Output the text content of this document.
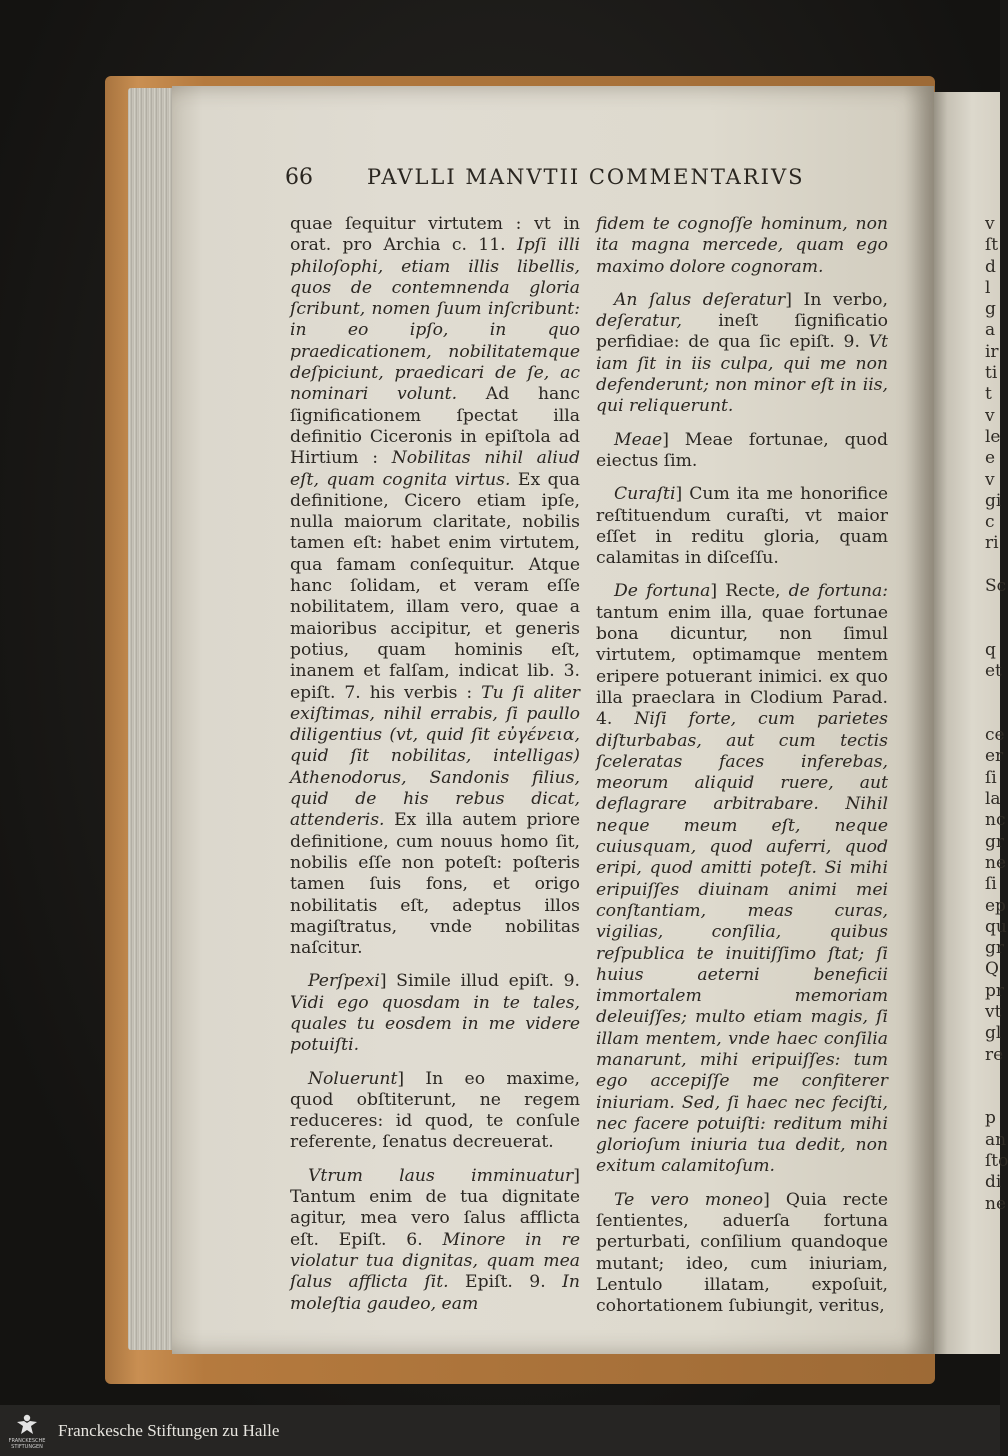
66	PAVLLI MANVTII COMMENTARIVS

quae ſequitur virtutem : vt in orat. pro Archia c. 11. Ipſi illi philoſophi, etiam illis libellis, quos de contemnenda gloria ſcribunt, nomen ſuum inſcribunt: in eo ipſo, in quo praedicationem, nobilitatemque deſpiciunt, praedicari de ſe, ac nominari volunt. Ad hanc ſignificationem ſpectat illa definitio Ciceronis in epiſtola ad Hirtium : Nobilitas nihil aliud eſt, quam cognita virtus. Ex qua definitione, Cicero etiam ipſe, nulla maiorum claritate, nobilis tamen eſt: habet enim virtutem, qua famam conſequitur. Atque hanc ſolidam, et veram eſſe nobilitatem, illam vero, quae a maioribus accipitur, et generis potius, quam hominis eſt, inanem et falſam, indicat lib. 3. epiſt. 7. his verbis : Tu ſi aliter exiſtimas, nihil errabis, ſi paullo diligentius (vt, quid ſit εὐγένεια, quid ſit nobilitas, intelligas) Athenodorus, Sandonis filius, quid de his rebus dicat, attenderis. Ex illa autem priore definitione, cum nouus homo ſit, nobilis eſſe non poteſt: poſteris tamen ſuis fons, et origo nobilitatis eſt, adeptus illos magiſtratus, vnde nobilitas naſcitur.

Perſpexi] Simile illud epiſt. 9. Vidi ego quosdam in te tales, quales tu eosdem in me videre potuiſti.

Noluerunt] In eo maxime, quod obſtiterunt, ne regem reduceres: id quod, te conſule referente, ſenatus decreuerat.

Vtrum laus imminuatur] Tantum enim de tua dignitate agitur, mea vero ſalus afflicta eſt. Epiſt. 6. Minore in re violatur tua dignitas, quam mea ſalus afflicta ſit. Epiſt. 9. In moleſtia gaudeo, eam

fidem te cognoſſe hominum, non ita magna mercede, quam ego maximo dolore cognoram.

An ſalus deſeratur] In verbo, deſeratur, ineſt ſignificatio perfidiae: de qua ſic epiſt. 9. Vt iam ſit in iis culpa, qui me non defenderunt; non minor eſt in iis, qui reliquerunt.

Meae] Meae fortunae, quod eiectus ſim.

Curaſti] Cum ita me honorifice reſtituendum curaſti, vt maior eſſet in reditu gloria, quam calamitas in diſceſſu.

De fortuna] Recte, de fortuna: tantum enim illa, quae fortunae bona dicuntur, non ſimul virtutem, optimamque mentem eripere potuerant inimici. ex quo illa praeclara in Clodium Parad. 4. Niſi forte, cum parietes diſturbabas, aut cum tectis ſceleratas faces inferebas, meorum aliquid ruere, aut deflagrare arbitrabare. Nihil neque meum eſt, neque cuiusquam, quod auferri, quod eripi, quod amitti poteſt. Si mihi eripuiſſes diuinam animi mei conſtantiam, meas curas, vigilias, conſilia, quibus reſpublica te inuitiſſimo ſtat; ſi huius aeterni beneficii immortalem memoriam deleuiſſes; multo etiam magis, ſi illam mentem, vnde haec conſilia manarunt, mihi eripuiſſes: tum ego accepiſſe me confiterer iniuriam. Sed, ſi haec nec feciſti, nec facere potuiſti: reditum mihi glorioſum iniuria tua dedit, non exitum calamitoſum.

Te vero moneo] Quia recte ſentientes, aduerſa fortuna perturbati, conſilium quandoque mutant; ideo, cum iniuriam, Lentulo illatam, expoſuit, cohortationem ſubiungit, veritus,

v
ſt
d
l
g
a
ir
ti
t
v
le
e
v
gi
c
ri
Sc
q
et
ce
er
ſi
la
nc
gr
ne
ſi
ep
qu
gr
Q
pr
vt
gl
re
p
an
ſto
di
ne
FRANCKESCHE STIFTUNGEN
Franckesche Stiftungen zu Halle
